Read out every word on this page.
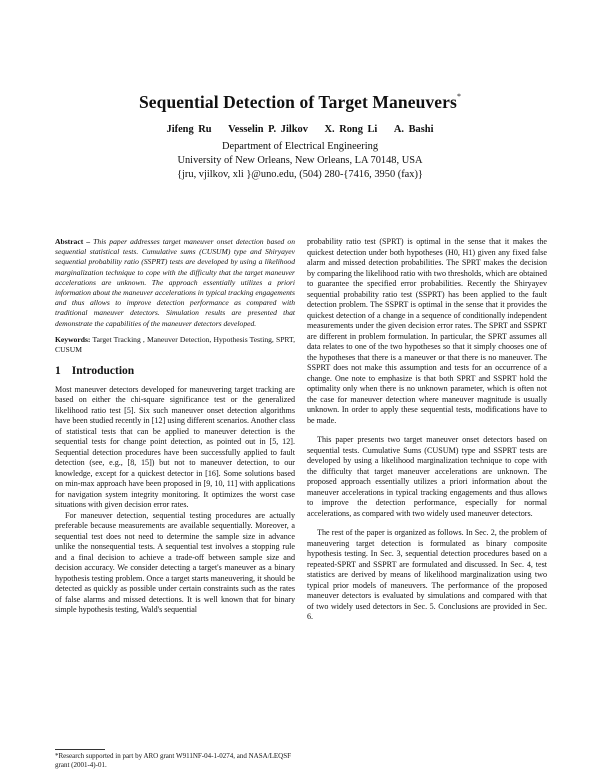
Sequential Detection of Target Maneuvers*
Jifeng Ru Vesselin P. Jilkov X. Rong Li A. Bashi
Department of Electrical Engineering
University of New Orleans, New Orleans, LA 70148, USA
{jru, vjilkov, xli }@uno.edu, (504) 280-{7416, 3950 (fax)}

Abstract – This paper addresses target maneuver onset detection based on sequential statistical tests. Cumulative sums (CUSUM) type and Shiryayev sequential probability ratio (SSPRT) tests are developed by using a likelihood marginalization technique to cope with the difficulty that the target maneuver accelerations are unknown. The approach essentially utilizes a priori information about the maneuver accelerations in typical tracking engagements and thus allows to improve detection performance as compared with traditional maneuver detectors. Simulation results are presented that demonstrate the capabilities of the maneuver detectors developed.

Keywords: Target Tracking , Maneuver Detection, Hypothesis Testing, SPRT, CUSUM

1 Introduction

Most maneuver detectors developed for maneuvering target tracking are based on either the chi-square significance test or the generalized likelihood ratio test [5]. Six such maneuver onset detection algorithms have been studied recently in [12] using different scenarios. Another class of statistical tests that can be applied to maneuver detection is the sequential tests for change point detection, as pointed out in [5, 12]. Sequential detection procedures have been successfully applied to fault detection (see, e.g., [8, 15]) but not to maneuver detection, to our knowledge, except for a quickest detector in [16]. Some solutions based on min-max approach have been proposed in [9, 10, 11] with applications for navigation system integrity monitoring. It optimizes the worst case situations with given decision error rates.

For maneuver detection, sequential testing procedures are actually preferable because measurements are available sequentially. Moreover, a sequential test does not need to determine the sample size in advance unlike the nonsequential tests. A sequential test involves a stopping rule and a final decision to achieve a trade-off between sample size and decision accuracy. We consider detecting a target's maneuver as a binary hypothesis testing problem. Once a target starts maneuvering, it should be detected as quickly as possible under certain constraints such as the rates of false alarms and missed detections. It is well known that for binary simple hypothesis testing, Wald's sequential

probability ratio test (SPRT) is optimal in the sense that it makes the quickest detection under both hypotheses (H0, H1) given any fixed false alarm and missed detection probabilities. The SPRT makes the decision by comparing the likelihood ratio with two thresholds, which are obtained to guarantee the specified error probabilities. Recently the Shiryayev sequential probability ratio test (SSPRT) has been applied to the fault detection problem. The SSPRT is optimal in the sense that it provides the quickest detection of a change in a sequence of conditionally independent measurements under the given decision error rates. The SPRT and SSPRT are different in problem formulation. In particular, the SPRT assumes all data relates to one of the two hypotheses so that it simply chooses one of the hypotheses that there is a maneuver or that there is no maneuver. The SSPRT does not make this assumption and tests for an occurrence of a change. One note to emphasize is that both SPRT and SSPRT hold the optimality only when there is no unknown parameter, which is often not the case for maneuver detection where maneuver magnitude is usually unknown. In order to apply these sequential tests, modifications have to be made.

This paper presents two target maneuver onset detectors based on sequential tests. Cumulative Sums (CUSUM) type and SSPRT tests are developed by using a likelihood marginalization technique to cope with the difficulty that target maneuver accelerations are unknown. The proposed approach essentially utilizes a priori information about the maneuver accelerations in typical tracking engagements and thus allows to improve the detection performance, especially for normal accelerations, as compared with two widely used maneuver detectors.

The rest of the paper is organized as follows. In Sec. 2, the problem of maneuvering target detection is formulated as binary composite hypothesis testing. In Sec. 3, sequential detection procedures based on a repeated-SPRT and SSPRT are formulated and discussed. In Sec. 4, test statistics are derived by means of likelihood marginalization using two typical prior models of maneuvers. The performance of the proposed maneuver detectors is evaluated by simulations and compared with that of two widely used detectors in Sec. 5. Conclusions are provided in Sec. 6.

*Research supported in part by ARO grant W911NF-04-1-0274, and NASA/LEQSF grant (2001-4)-01.
